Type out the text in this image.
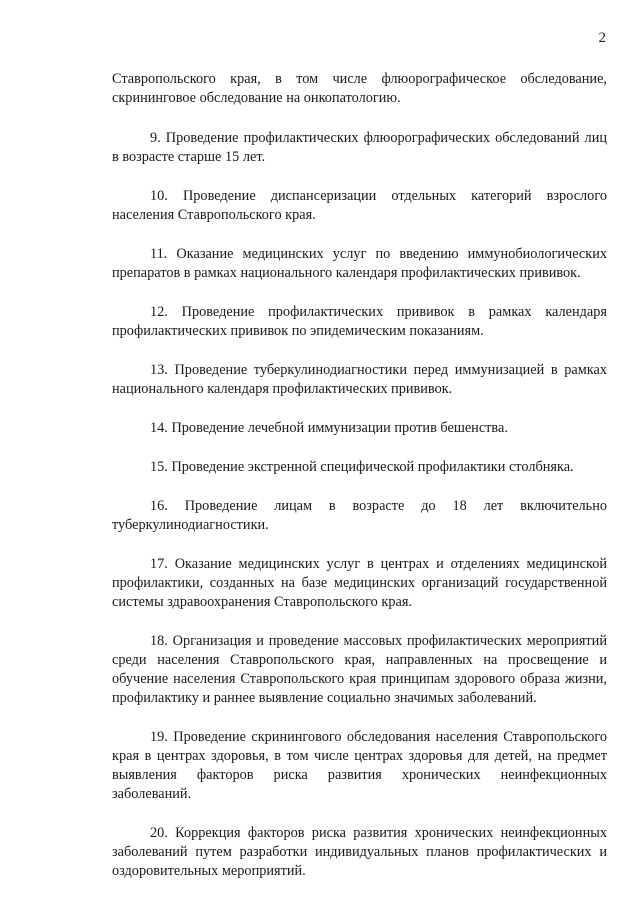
2

Ставропольского края, в том числе флюорографическое обследование, скрининговое обследование на онкопатологию.

9. Проведение профилактических флюорографических обследований лиц в возрасте старше 15 лет.

10. Проведение диспансеризации отдельных категорий взрослого населения Ставропольского края.

11. Оказание медицинских услуг по введению иммунобиологических препаратов в рамках национального календаря профилактических прививок.

12. Проведение профилактических прививок в рамках календаря профилактических прививок по эпидемическим показаниям.

13. Проведение туберкулинодиагностики перед иммунизацией в рамках национального календаря профилактических прививок.

14. Проведение лечебной иммунизации против бешенства.

15. Проведение экстренной специфической профилактики столбняка.

16. Проведение лицам в возрасте до 18 лет включительно туберкулинодиагностики.

17. Оказание медицинских услуг в центрах и отделениях медицинской профилактики, созданных на базе медицинских организаций государственной системы здравоохранения Ставропольского края.

18. Организация и проведение массовых профилактических мероприятий среди населения Ставропольского края, направленных на просвещение и обучение населения Ставропольского края принципам здорового образа жизни, профилактику и раннее выявление социально значимых заболеваний.

19. Проведение скринингового обследования населения Ставропольского края в центрах здоровья, в том числе центрах здоровья для детей, на предмет выявления факторов риска развития хронических неинфекционных заболеваний.

20. Коррекция факторов риска развития хронических неинфекционных заболеваний путем разработки индивидуальных планов профилактических и оздоровительных мероприятий.
